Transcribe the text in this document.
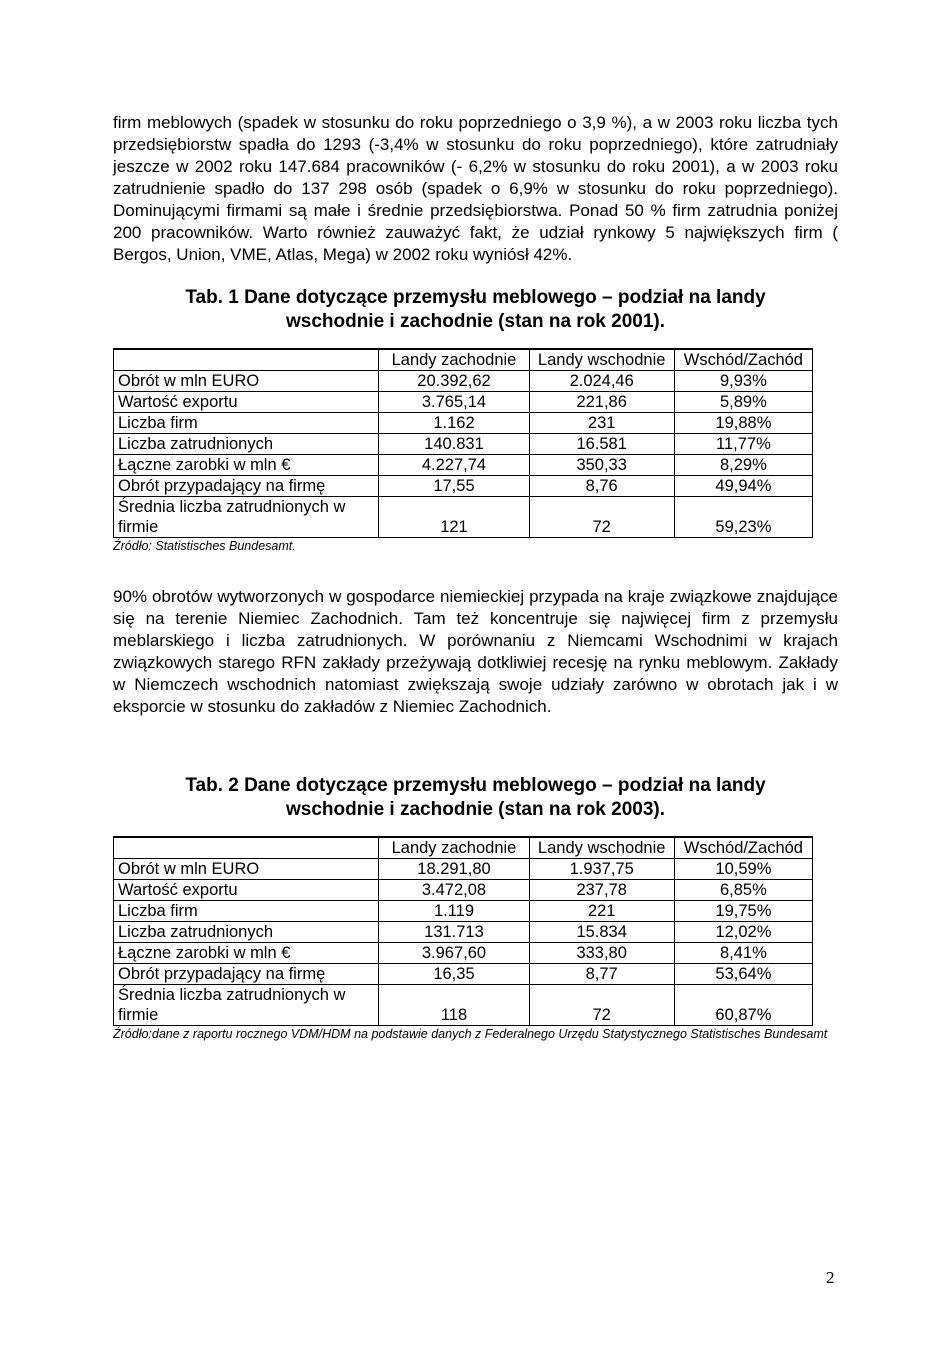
firm meblowych (spadek w stosunku do roku poprzedniego o 3,9 %), a w 2003 roku liczba tych przedsiębiorstw spadła do 1293 (-3,4% w stosunku do roku poprzedniego), które zatrudniały jeszcze w 2002 roku 147.684 pracowników (- 6,2% w stosunku do roku 2001), a w 2003 roku zatrudnienie spadło do 137 298 osób (spadek o 6,9% w stosunku do roku poprzedniego). Dominującymi firmami są małe i średnie przedsiębiorstwa. Ponad 50 % firm zatrudnia poniżej 200 pracowników. Warto również zauważyć fakt, że udział rynkowy 5 największych firm ( Bergos, Union, VME, Atlas, Mega) w 2002 roku wyniósł 42%.

Tab. 1 Dane dotyczące przemysłu meblowego – podział na landy
wschodnie i zachodnie (stan na rok 2001).

	Landy zachodnie	Landy wschodnie	Wschód/Zachód
Obrót w mln EURO	20.392,62	2.024,46	9,93%
Wartość exportu	3.765,14	221,86	5,89%
Liczba firm	1.162	231	19,88%
Liczba zatrudnionych	140.831	16.581	11,77%
Łączne zarobki w mln €	4.227,74	350,33	8,29%
Obrót przypadający na firmę	17,55	8,76	49,94%
Średnia liczba zatrudnionych w firmie	121	72	59,23%

Źródło: Statistisches Bundesamt.

90% obrotów wytworzonych w gospodarce niemieckiej przypada na kraje związkowe znajdujące się na terenie Niemiec Zachodnich. Tam też koncentruje się najwięcej firm z przemysłu meblarskiego i liczba zatrudnionych. W porównaniu z Niemcami Wschodnimi w krajach związkowych starego RFN zakłady przeżywają dotkliwiej recesję na rynku meblowym. Zakłady w Niemczech wschodnich natomiast zwiększają swoje udziały zarówno w obrotach jak i w eksporcie w stosunku do zakładów z Niemiec Zachodnich.

Tab. 2 Dane dotyczące przemysłu meblowego – podział na landy
wschodnie i zachodnie (stan na rok 2003).

	Landy zachodnie	Landy wschodnie	Wschód/Zachód
Obrót w mln EURO	18.291,80	1.937,75	10,59%
Wartość exportu	3.472,08	237,78	6,85%
Liczba firm	1.119	221	19,75%
Liczba zatrudnionych	131.713	15.834	12,02%
Łączne zarobki w mln €	3.967,60	333,80	8,41%
Obrót przypadający na firmę	16,35	8,77	53,64%
Średnia liczba zatrudnionych w firmie	118	72	60,87%

Źródło:dane z raportu rocznego VDM/HDM na podstawie danych z Federalnego Urzędu Statystycznego Statistisches Bundesamt

2
